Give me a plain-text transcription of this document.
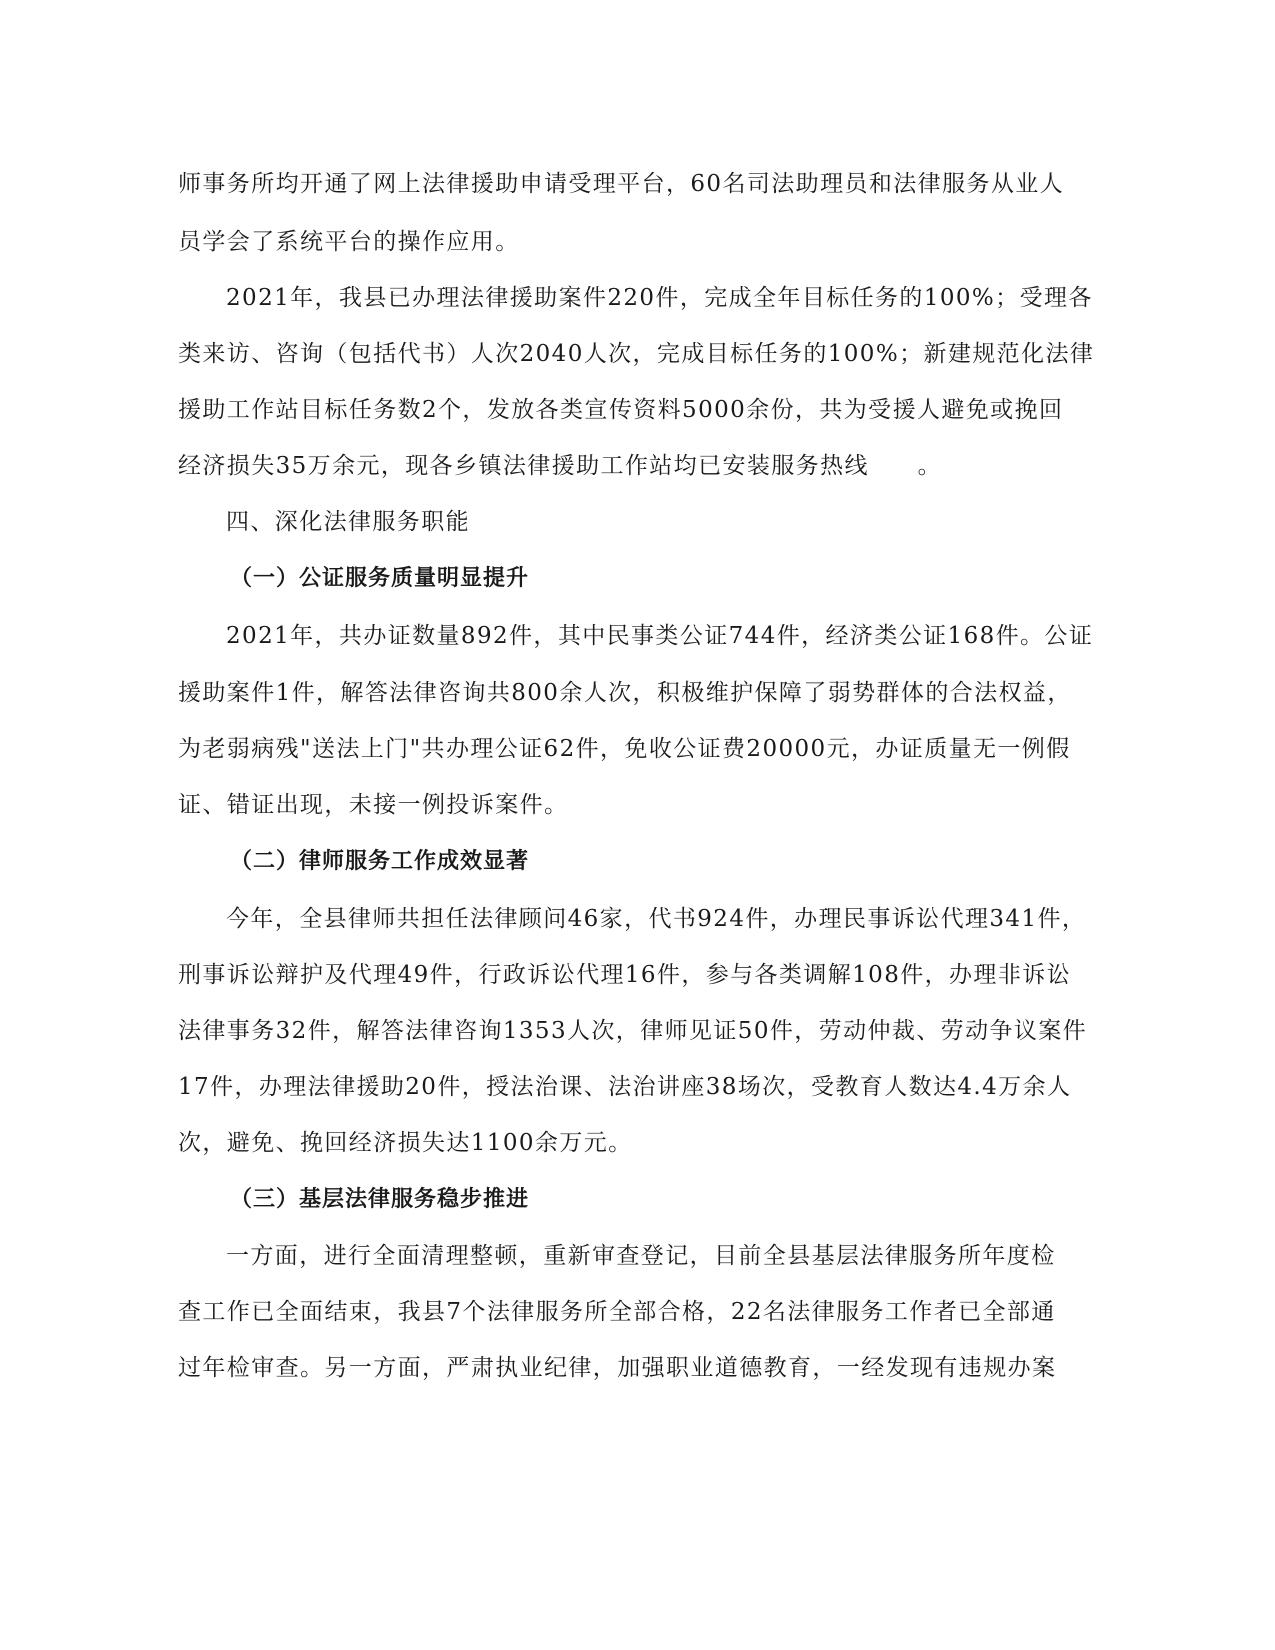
师事务所均开通了网上法律援助申请受理平台，60名司法助理员和法律服务从业人
员学会了系统平台的操作应用。
2021年，我县已办理法律援助案件220件，完成全年目标任务的100%；受理各
类来访、咨询（包括代书）人次2040人次，完成目标任务的100%；新建规范化法律
援助工作站目标任务数2个，发放各类宣传资料5000余份，共为受援人避免或挽回
经济损失35万余元，现各乡镇法律援助工作站均已安装服务热线　　。
四、深化法律服务职能
（一）公证服务质量明显提升
2021年，共办证数量892件，其中民事类公证744件，经济类公证168件。公证
援助案件1件，解答法律咨询共800余人次，积极维护保障了弱势群体的合法权益，
为老弱病残"送法上门"共办理公证62件，免收公证费20000元，办证质量无一例假
证、错证出现，未接一例投诉案件。
（二）律师服务工作成效显著
今年，全县律师共担任法律顾问46家，代书924件，办理民事诉讼代理341件，
刑事诉讼辩护及代理49件，行政诉讼代理16件，参与各类调解108件，办理非诉讼
法律事务32件，解答法律咨询1353人次，律师见证50件，劳动仲裁、劳动争议案件
17件，办理法律援助20件，授法治课、法治讲座38场次，受教育人数达4.4万余人
次，避免、挽回经济损失达1100余万元。
（三）基层法律服务稳步推进
一方面，进行全面清理整顿，重新审查登记，目前全县基层法律服务所年度检
查工作已全面结束，我县7个法律服务所全部合格，22名法律服务工作者已全部通
过年检审查。另一方面，严肃执业纪律，加强职业道德教育，一经发现有违规办案
